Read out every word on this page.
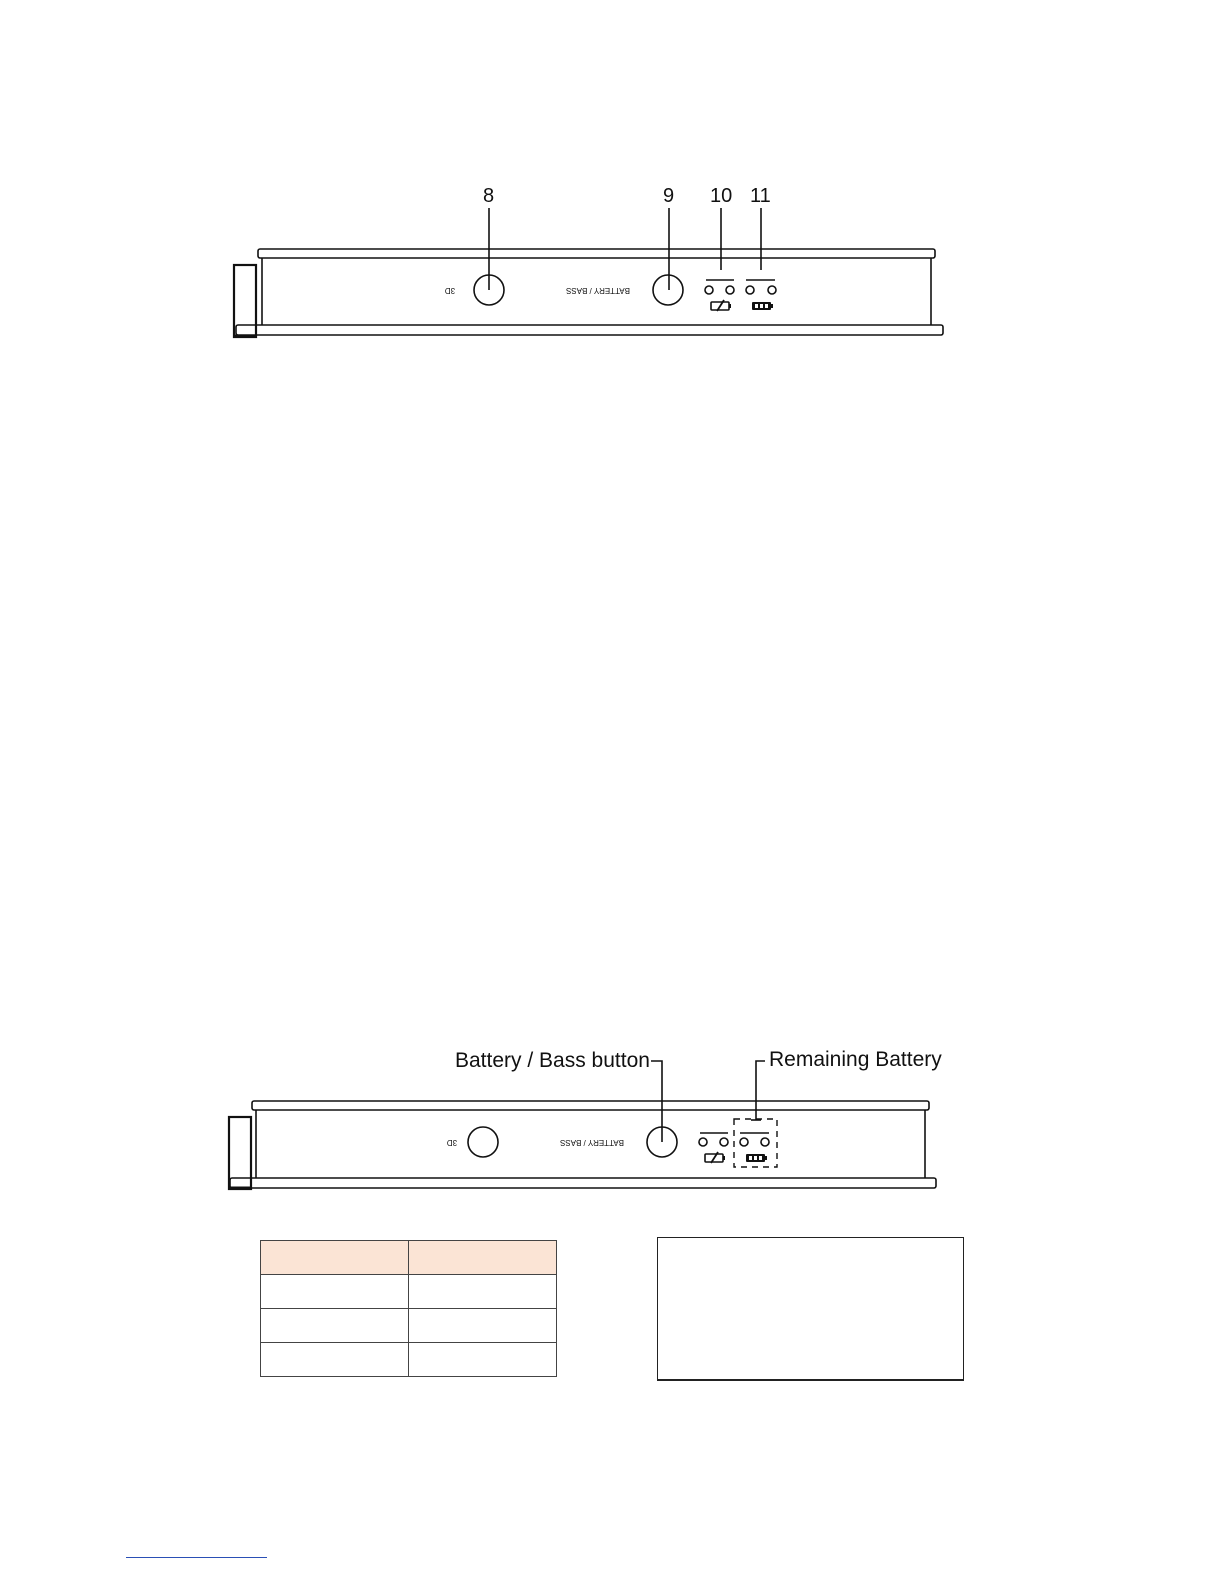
8	9 10 11
3D	BATTERY / BASS
3D	BATTERY / BASS
Battery / Bass button	Remaining Battery
